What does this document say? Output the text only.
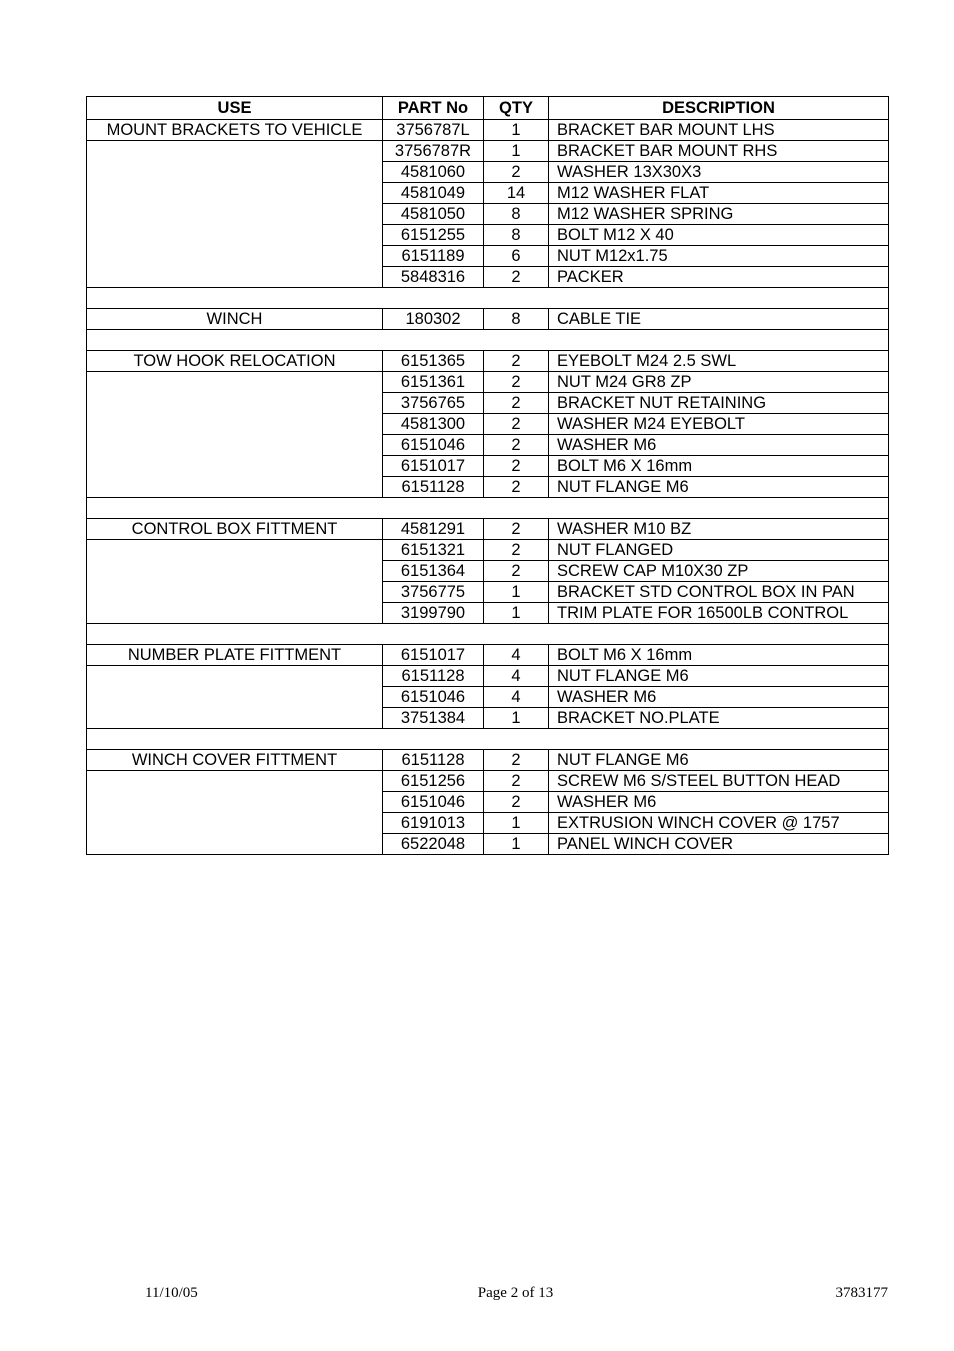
USE	PART No	QTY	DESCRIPTION
MOUNT BRACKETS TO VEHICLE	3756787L	1	BRACKET BAR MOUNT LHS
	3756787R	1	BRACKET BAR MOUNT RHS
	4581060	2	WASHER 13X30X3
	4581049	14	M12 WASHER FLAT
	4581050	8	M12 WASHER SPRING
	6151255	8	BOLT M12 X 40
	6151189	6	NUT M12x1.75
	5848316	2	PACKER

WINCH	180302	8	CABLE TIE

TOW HOOK RELOCATION	6151365	2	EYEBOLT M24 2.5 SWL
	6151361	2	NUT M24 GR8 ZP
	3756765	2	BRACKET NUT RETAINING
	4581300	2	WASHER M24 EYEBOLT
	6151046	2	WASHER M6
	6151017	2	BOLT M6 X 16mm
	6151128	2	NUT FLANGE M6

CONTROL BOX FITTMENT	4581291	2	WASHER M10 BZ
	6151321	2	NUT FLANGED
	6151364	2	SCREW CAP M10X30 ZP
	3756775	1	BRACKET STD CONTROL BOX IN PAN
	3199790	1	TRIM PLATE FOR 16500LB CONTROL

NUMBER PLATE FITTMENT	6151017	4	BOLT M6 X 16mm
	6151128	4	NUT FLANGE M6
	6151046	4	WASHER M6
	3751384	1	BRACKET NO.PLATE

WINCH COVER FITTMENT	6151128	2	NUT FLANGE M6
	6151256	2	SCREW M6 S/STEEL BUTTON HEAD
	6151046	2	WASHER M6
	6191013	1	EXTRUSION WINCH COVER @ 1757
	6522048	1	PANEL WINCH COVER
11/10/05	Page 2 of 13	3783177
